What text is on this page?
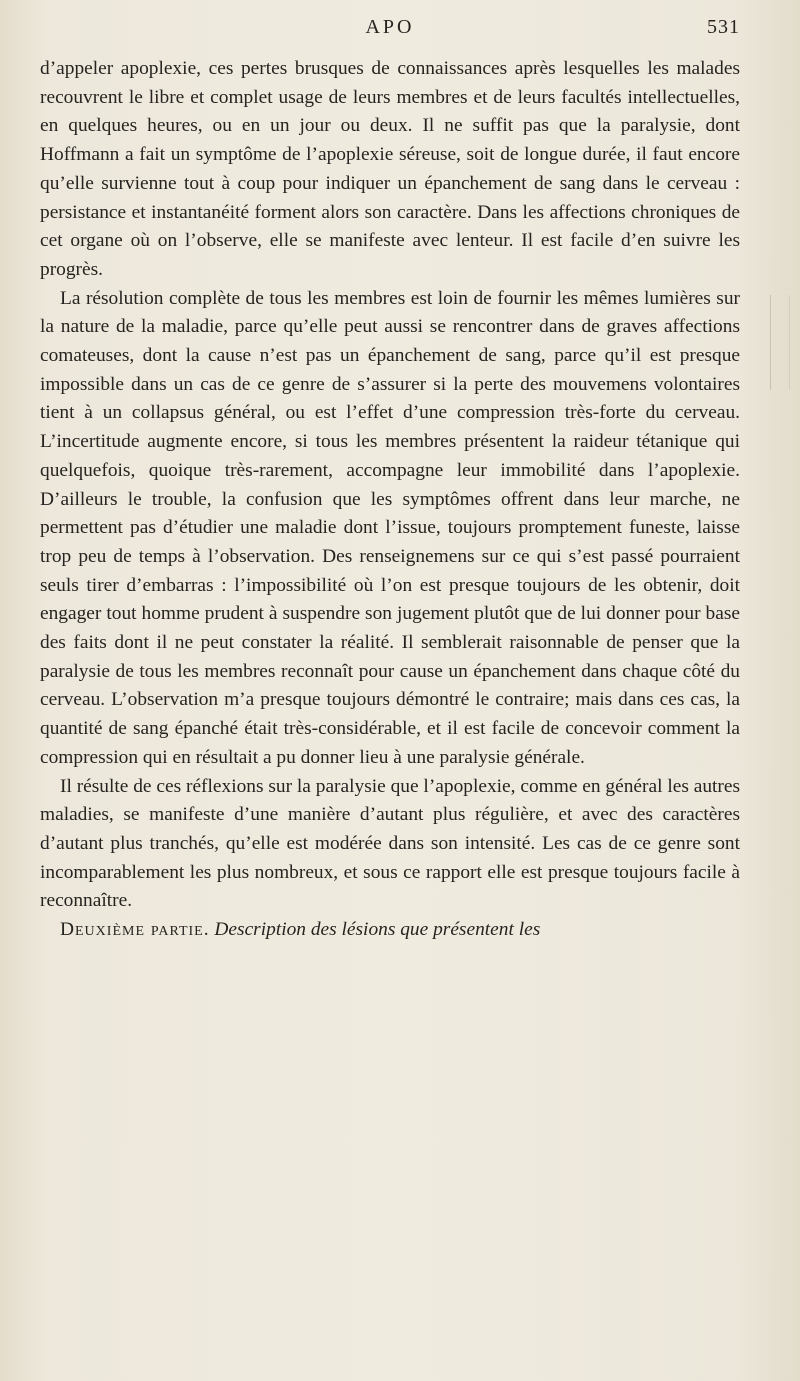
APO	531

d’appeler apoplexie, ces pertes brusques de connaissances après lesquelles les malades recouvrent le libre et complet usage de leurs membres et de leurs facultés intellectuelles, en quelques heures, ou en un jour ou deux. Il ne suffit pas que la paralysie, dont Hoffmann a fait un symptôme de l’apoplexie séreuse, soit de longue durée, il faut encore qu’elle survienne tout à coup pour indiquer un épanchement de sang dans le cerveau : persistance et instantanéité forment alors son caractère. Dans les affections chroniques de cet organe où on l’observe, elle se manifeste avec lenteur. Il est facile d’en suivre les progrès.

La résolution complète de tous les membres est loin de fournir les mêmes lumières sur la nature de la maladie, parce qu’elle peut aussi se rencontrer dans de graves affections comateuses, dont la cause n’est pas un épanchement de sang, parce qu’il est presque impossible dans un cas de ce genre de s’assurer si la perte des mouvemens volontaires tient à un collapsus général, ou est l’effet d’une compression très-forte du cerveau. L’incertitude augmente encore, si tous les membres présentent la raideur tétanique qui quelquefois, quoique très-rarement, accompagne leur immobilité dans l’apoplexie. D’ailleurs le trouble, la confusion que les symptômes offrent dans leur marche, ne permettent pas d’étudier une maladie dont l’issue, toujours promptement funeste, laisse trop peu de temps à l’observation. Des renseignemens sur ce qui s’est passé pourraient seuls tirer d’embarras : l’impossibilité où l’on est presque toujours de les obtenir, doit engager tout homme prudent à suspendre son jugement plutôt que de lui donner pour base des faits dont il ne peut constater la réalité. Il semblerait raisonnable de penser que la paralysie de tous les membres reconnaît pour cause un épanchement dans chaque côté du cerveau. L’observation m’a presque toujours démontré le contraire; mais dans ces cas, la quantité de sang épanché était très-considérable, et il est facile de concevoir comment la compression qui en résultait a pu donner lieu à une paralysie générale.

Il résulte de ces réflexions sur la paralysie que l’apoplexie, comme en général les autres maladies, se manifeste d’une manière d’autant plus régulière, et avec des caractères d’autant plus tranchés, qu’elle est modérée dans son intensité. Les cas de ce genre sont incomparablement les plus nombreux, et sous ce rapport elle est presque toujours facile à reconnaître.

Deuxième partie. Description des lésions que présentent les
